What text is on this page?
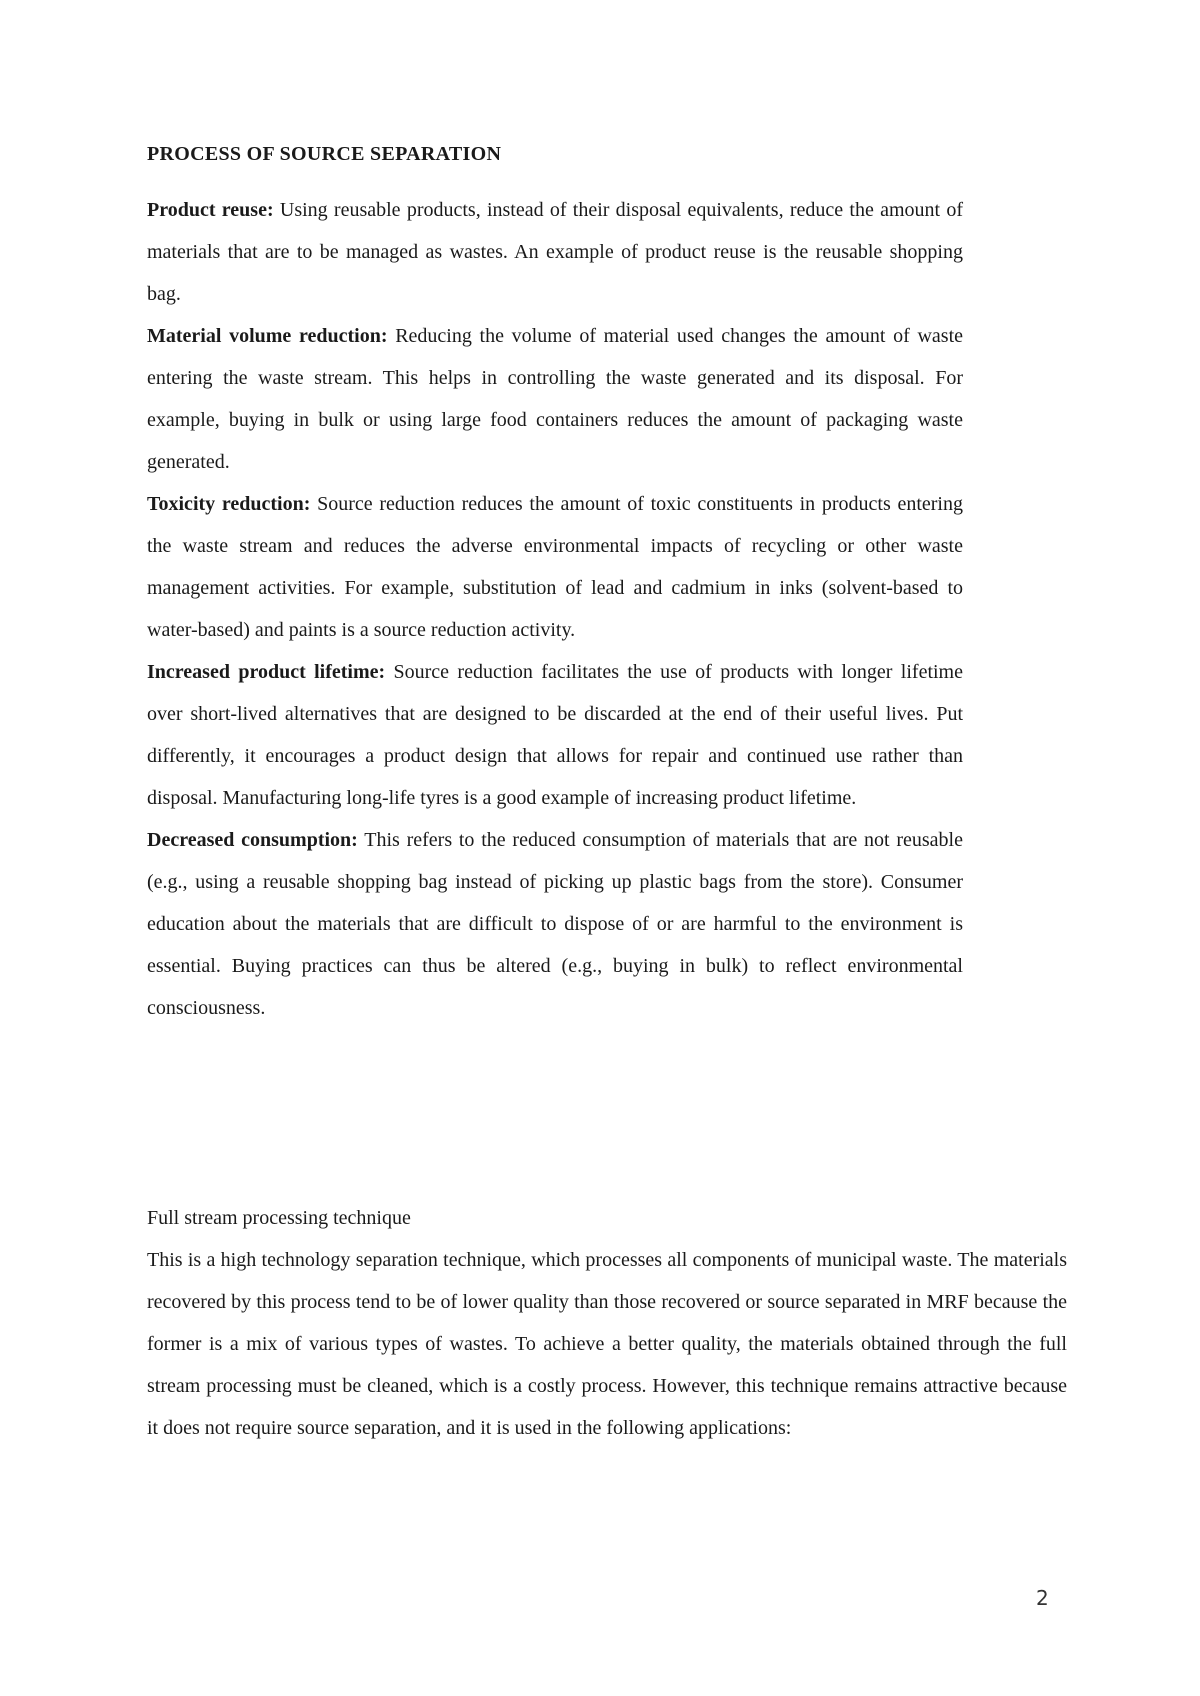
PROCESS OF SOURCE SEPARATION

Product reuse: Using reusable products, instead of their disposal equivalents, reduce the amount of materials that are to be managed as wastes. An example of product reuse is the reusable shopping bag.

Material volume reduction: Reducing the volume of material used changes the amount of waste entering the waste stream. This helps in controlling the waste generated and its disposal. For example, buying in bulk or using large food containers reduces the amount of packaging waste generated.

Toxicity reduction: Source reduction reduces the amount of toxic constituents in products entering the waste stream and reduces the adverse environmental impacts of recycling or other waste management activities. For example, substitution of lead and cadmium in inks (solvent-based to water-based) and paints is a source reduction activity.

Increased product lifetime: Source reduction facilitates the use of products with longer lifetime over short-lived alternatives that are designed to be discarded at the end of their useful lives. Put differently, it encourages a product design that allows for repair and continued use rather than disposal. Manufacturing long-life tyres is a good example of increasing product lifetime.

Decreased consumption: This refers to the reduced consumption of materials that are not reusable (e.g., using a reusable shopping bag instead of picking up plastic bags from the store). Consumer education about the materials that are difficult to dispose of or are harmful to the environment is essential. Buying practices can thus be altered (e.g., buying in bulk) to reflect environmental consciousness.

Full stream processing technique

This is a high technology separation technique, which processes all components of municipal waste. The materials recovered by this process tend to be of lower quality than those recovered or source separated in MRF because the former is a mix of various types of wastes. To achieve a better quality, the materials obtained through the full stream processing must be cleaned, which is a costly process. However, this technique remains attractive because it does not require source separation, and it is used in the following applications:

2
